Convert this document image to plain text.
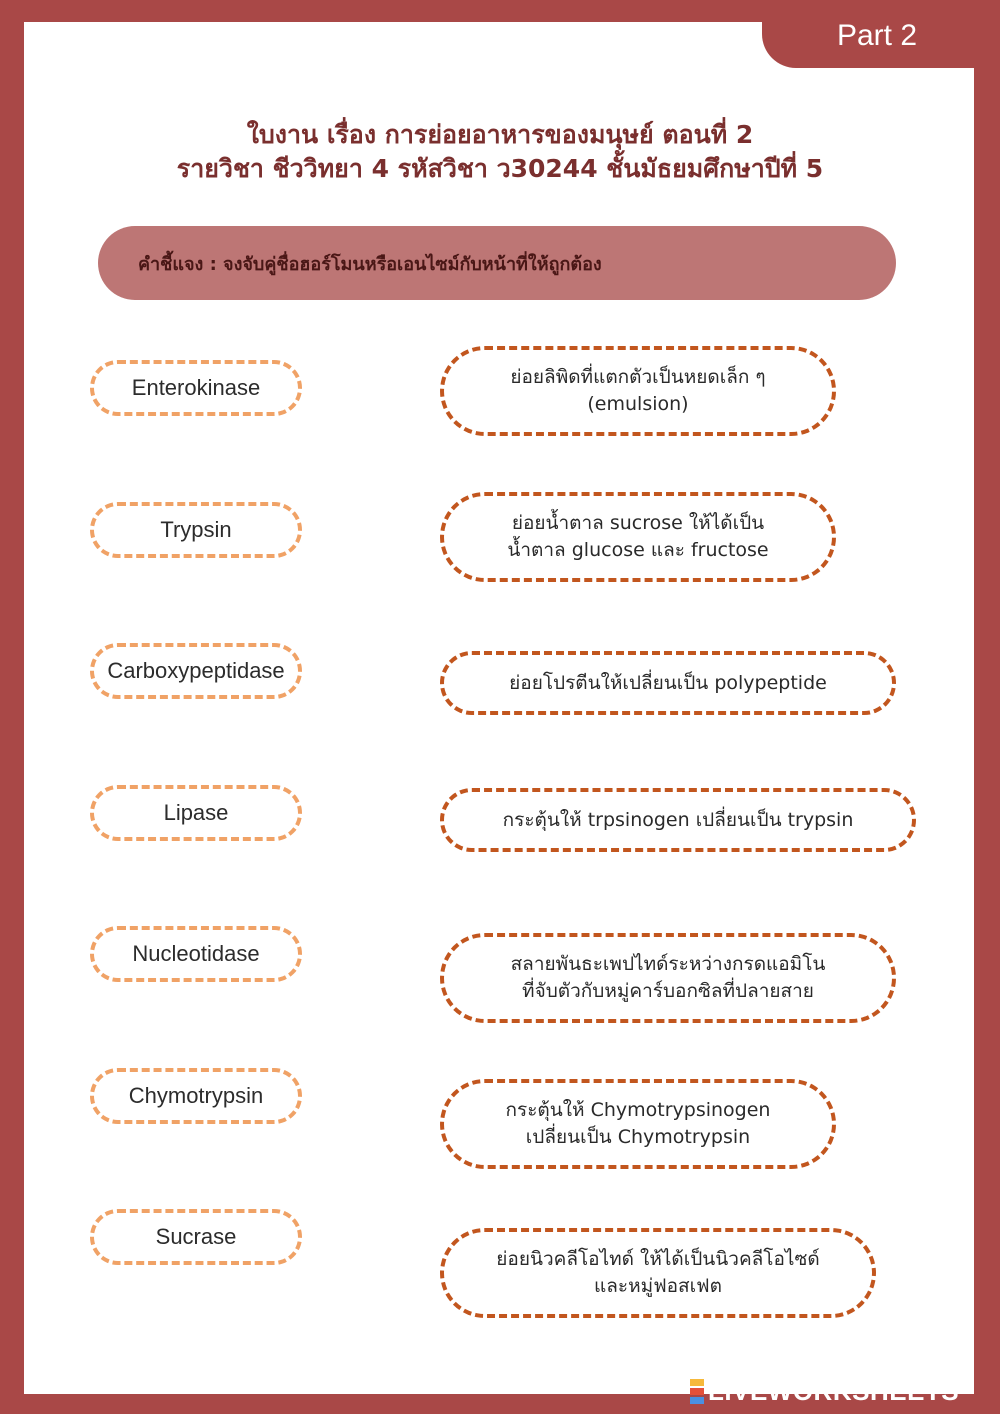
Part 2
ใบงาน เรื่อง การย่อยอาหารของมนุษย์ ตอนที่ 2
รายวิชา ชีววิทยา 4 รหัสวิชา ว30244 ชั้นมัธยมศึกษาปีที่ 5
คำชี้แจง : จงจับคู่ชื่อฮอร์โมนหรือเอนไซม์กับหน้าที่ให้ถูกต้อง
Enterokinase
Trypsin
Carboxypeptidase
Lipase
Nucleotidase
Chymotrypsin
Sucrase
ย่อยลิพิดที่แตกตัวเป็นหยดเล็ก ๆ
(emulsion)
ย่อยน้ำตาล sucrose ให้ได้เป็น
น้ำตาล glucose และ fructose
ย่อยโปรตีนให้เปลี่ยนเป็น polypeptide
กระตุ้นให้ trpsinogen เปลี่ยนเป็น trypsin
สลายพันธะเพปไทด์ระหว่างกรดแอมิโน
ที่จับตัวกับหมู่คาร์บอกซิลที่ปลายสาย
กระตุ้นให้ Chymotrypsinogen
เปลี่ยนเป็น Chymotrypsin
ย่อยนิวคลีโอไทด์ ให้ได้เป็นนิวคลีโอไซด์
และหมู่ฟอสเฟต
LIVEWORKSHEETS
